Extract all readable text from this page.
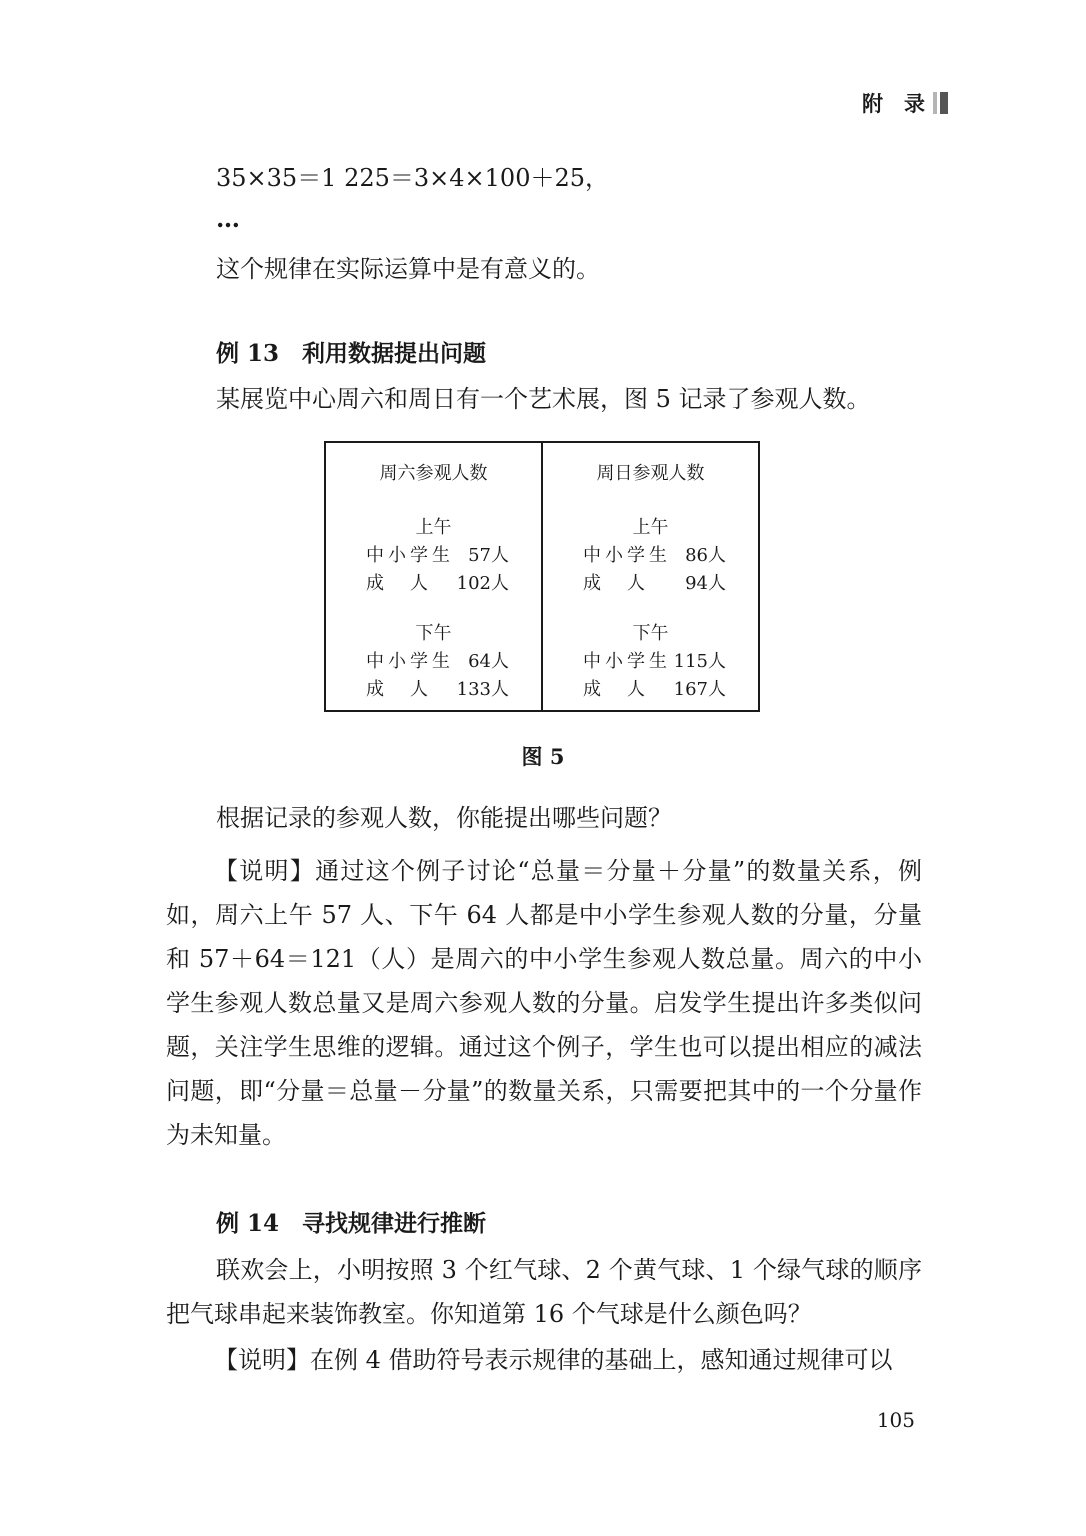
附　录
35×35＝1 225＝3×4×100＋25，
…
这个规律在实际运算中是有意义的。
例 13　利用数据提出问题
某展览中心周六和周日有一个艺术展，图 5 记录了参观人数。
周六参观人数
上午
中小学生 57人
成　人 102人
下午
中小学生 64人
成　人 133人
周日参观人数
上午
中小学生 86人
成　人 94人
下午
中小学生 115人
成　人 167人
图 5
根据记录的参观人数，你能提出哪些问题？
【说明】通过这个例子讨论“总量＝分量＋分量”的数量关系，例如，周六上午 57 人、下午 64 人都是中小学生参观人数的分量，分量和 57＋64＝121（人）是周六的中小学生参观人数总量。周六的中小学生参观人数总量又是周六参观人数的分量。启发学生提出许多类似问题，关注学生思维的逻辑。通过这个例子，学生也可以提出相应的减法问题，即“分量＝总量－分量”的数量关系，只需要把其中的一个分量作为未知量。
例 14　寻找规律进行推断
联欢会上，小明按照 3 个红气球、2 个黄气球、1 个绿气球的顺序把气球串起来装饰教室。你知道第 16 个气球是什么颜色吗？
【说明】在例 4 借助符号表示规律的基础上，感知通过规律可以
105
